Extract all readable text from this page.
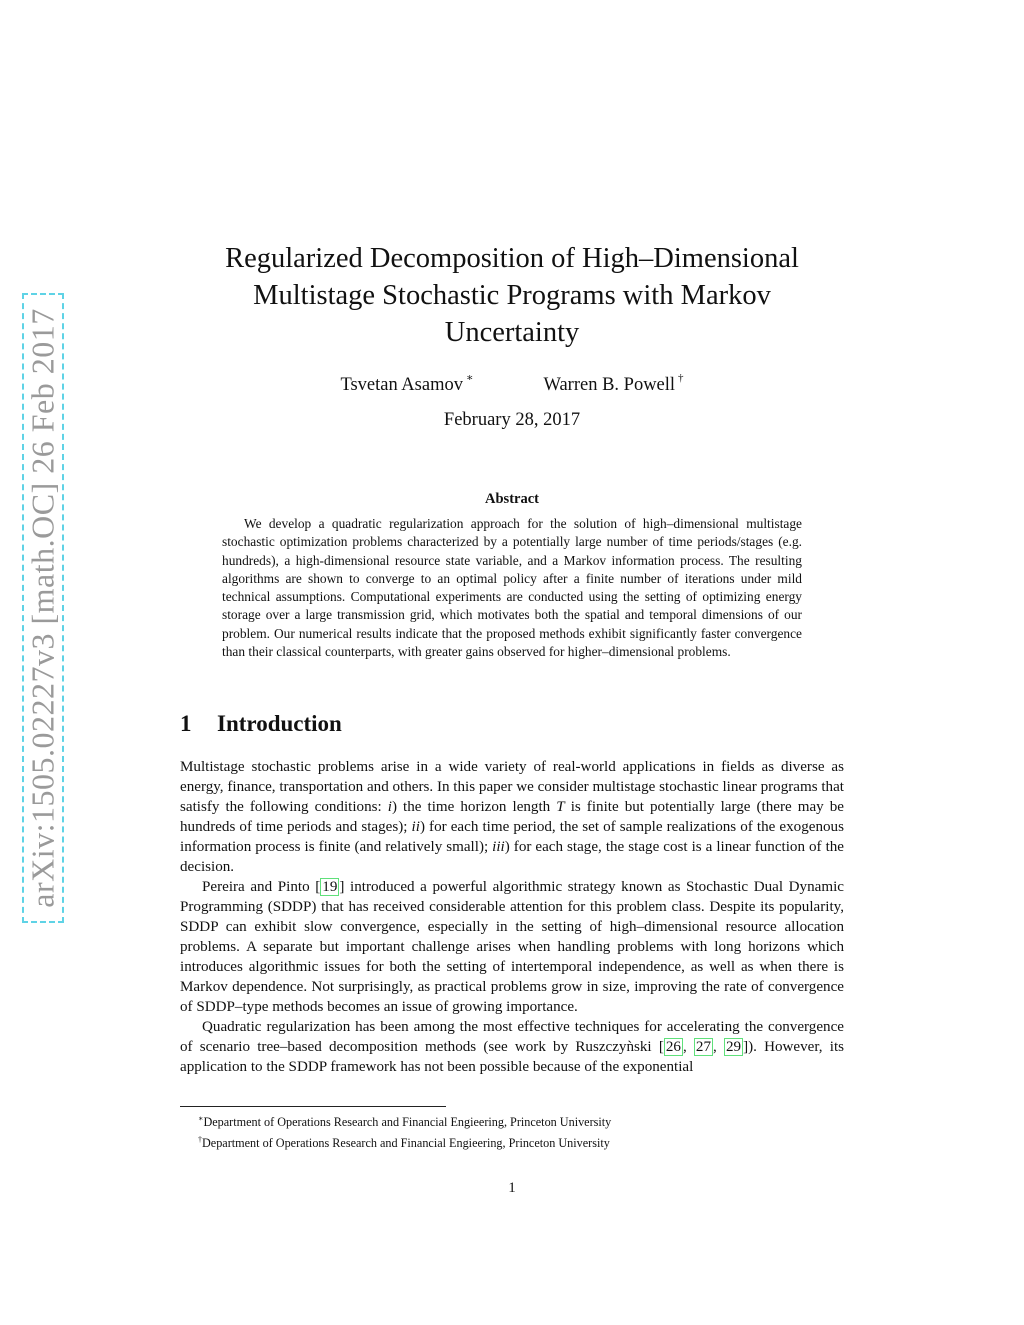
arXiv:1505.02227v3 [math.OC] 26 Feb 2017
Regularized Decomposition of High–Dimensional
Multistage Stochastic Programs with Markov
Uncertainty
Tsvetan Asamov ∗	Warren B. Powell †
February 28, 2017
Abstract

We develop a quadratic regularization approach for the solution of high–dimensional multistage stochastic optimization problems characterized by a potentially large number of time periods/stages (e.g. hundreds), a high-dimensional resource state variable, and a Markov information process. The resulting algorithms are shown to converge to an optimal policy after a finite number of iterations under mild technical assumptions. Computational experiments are conducted using the setting of optimizing energy storage over a large transmission grid, which motivates both the spatial and temporal dimensions of our problem. Our numerical results indicate that the proposed methods exhibit significantly faster convergence than their classical counterparts, with greater gains observed for higher–dimensional problems.

1 Introduction

Multistage stochastic problems arise in a wide variety of real-world applications in fields as diverse as energy, finance, transportation and others. In this paper we consider multistage stochastic linear programs that satisfy the following conditions: i) the time horizon length T is finite but potentially large (there may be hundreds of time periods and stages); ii) for each time period, the set of sample realizations of the exogenous information process is finite (and relatively small); iii) for each stage, the stage cost is a linear function of the decision.

Pereira and Pinto [ 19 ] introduced a powerful algorithmic strategy known as Stochastic Dual Dynamic Programming (SDDP) that has received considerable attention for this problem class. Despite its popularity, SDDP can exhibit slow convergence, especially in the setting of high–dimensional resource allocation problems. A separate but important challenge arises when handling problems with long horizons which introduces algorithmic issues for both the setting of intertemporal independence, as well as when there is Markov dependence. Not surprisingly, as practical problems grow in size, improving the rate of convergence of SDDP–type methods becomes an issue of growing importance.

Quadratic regularization has been among the most effective techniques for accelerating the convergence of scenario tree–based decomposition methods (see work by Ruszczyǹski [ 26 , 27 , 29 ]). However, its application to the SDDP framework has not been possible because of the exponential

∗Department of Operations Research and Financial Engieering, Princeton University
†Department of Operations Research and Financial Engieering, Princeton University
1
